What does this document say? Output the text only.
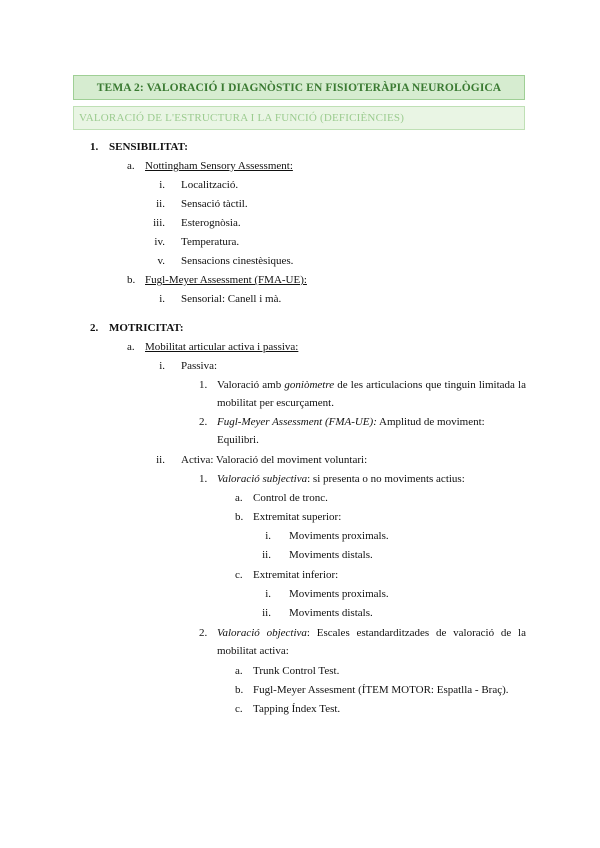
TEMA 2: VALORACIÓ I DIAGNÒSTIC EN FISIOTERÀPIA NEUROLÒGICA
VALORACIÓ DE L'ESTRUCTURA I LA FUNCIÓ (DEFICIÈNCIES)
1. SENSIBILITAT:
a. Nottingham Sensory Assessment:
i. Localització.
ii. Sensació tàctil.
iii. Esterognòsia.
iv. Temperatura.
v. Sensacions cinestèsiques.
b. Fugl-Meyer Assessment (FMA-UE):
i. Sensorial: Canell i mà.
2. MOTRICITAT:
a. Mobilitat articular activa i passiva:
i. Passiva:
1. Valoració amb goniòmetre de les articulacions que tinguin limitada la
mobilitat per escurçament.
2. Fugl-Meyer Assessment (FMA-UE): Amplitud de moviment:
Equilibri.
ii. Activa: Valoració del moviment voluntari:
1. Valoració subjectiva: si presenta o no moviments actius:
a. Control de tronc.
b. Extremitat superior:
i. Moviments proximals.
ii. Moviments distals.
c. Extremitat inferior:
i. Moviments proximals.
ii. Moviments distals.
2. Valoració objectiva: Escales estandarditzades de valoració de la
mobilitat activa:
a. Trunk Control Test.
b. Fugl-Meyer Assesment (ÍTEM MOTOR: Espatlla - Braç).
c. Tapping Índex Test.
